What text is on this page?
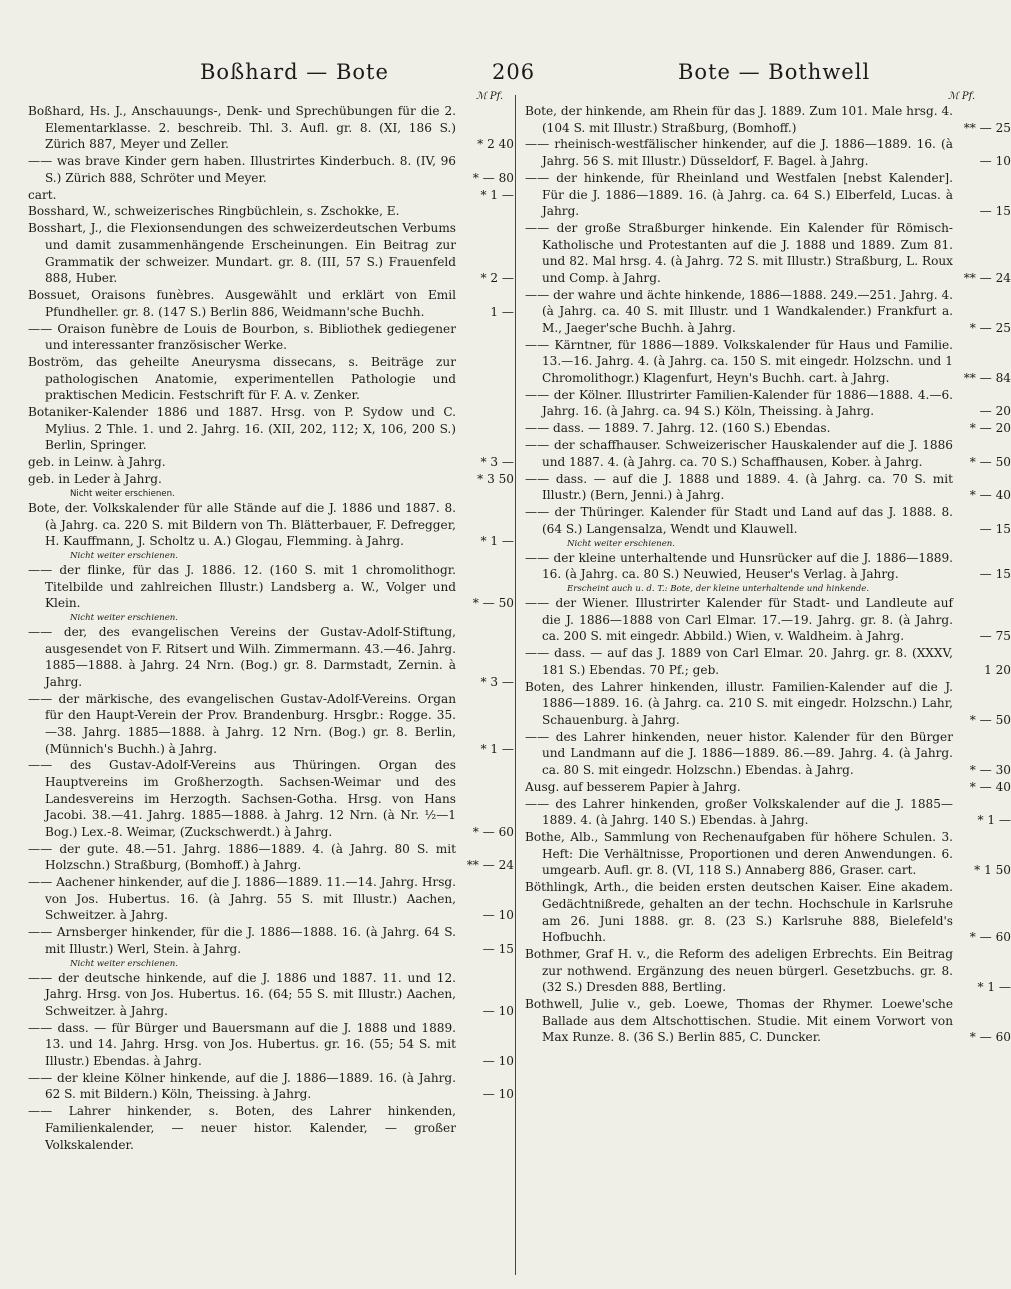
Boßhard — Bote	206	Bote — Bothwell
ℳ Pf.	ℳ Pf.
Boßhard, Hs. J., Anschauungs-, Denk- und Sprechübungen für die 2. Elementarklasse. 2. beschreib. Thl. 3. Aufl. gr. 8. (XI, 186 S.) Zürich 887, Meyer und Zeller.	* 2 40
—— was brave Kinder gern haben. Illustrirtes Kinderbuch. 8. (IV, 96 S.) Zürich 888, Schröter und Meyer.	* — 80
cart.	* 1 —
Bosshard, W., schweizerisches Ringbüchlein, s. Zschokke, E.
Bosshart, J., die Flexionsendungen des schweizerdeutschen Verbums und damit zusammenhängende Erscheinungen. Ein Beitrag zur Grammatik der schweizer. Mundart. gr. 8. (III, 57 S.) Frauenfeld 888, Huber.	* 2 —
Bossuet, Oraisons funèbres. Ausgewählt und erklärt von Emil Pfundheller. gr. 8. (147 S.) Berlin 886, Weidmann'sche Buchh.	1 —
—— Oraison funèbre de Louis de Bourbon, s. Bibliothek gediegener und interessanter französischer Werke.
Boström, das geheilte Aneurysma dissecans, s. Beiträge zur pathologischen Anatomie, experimentellen Pathologie und praktischen Medicin. Festschrift für F. A. v. Zenker.
Botaniker-Kalender 1886 und 1887. Hrsg. von P. Sydow und C. Mylius. 2 Thle. 1. und 2. Jahrg. 16. (XII, 202, 112; X, 106, 200 S.) Berlin, Springer.
geb. in Leinw. à Jahrg.	* 3 —
geb. in Leder à Jahrg.	* 3 50
Nicht weiter erschienen.
Bote, der. Volkskalender für alle Stände auf die J. 1886 und 1887. 8. (à Jahrg. ca. 220 S. mit Bildern von Th. Blätterbauer, F. Defregger, H. Kauffmann, J. Scholtz u. A.) Glogau, Flemming. à Jahrg.	* 1 —
Nicht weiter erschienen.
—— der flinke, für das J. 1886. 12. (160 S. mit 1 chromolithogr. Titelbilde und zahlreichen Illustr.) Landsberg a. W., Volger und Klein.	* — 50
Nicht weiter erschienen.
—— der, des evangelischen Vereins der Gustav-Adolf-Stiftung, ausgesendet von F. Ritsert und Wilh. Zimmermann. 43.—46. Jahrg. 1885—1888. à Jahrg. 24 Nrn. (Bog.) gr. 8. Darmstadt, Zernin. à Jahrg.	* 3 —
—— der märkische, des evangelischen Gustav-Adolf-Vereins. Organ für den Haupt-Verein der Prov. Brandenburg. Hrsgbr.: Rogge. 35.—38. Jahrg. 1885—1888. à Jahrg. 12 Nrn. (Bog.) gr. 8. Berlin, (Münnich's Buchh.) à Jahrg.	* 1 —
—— des Gustav-Adolf-Vereins aus Thüringen. Organ des Hauptvereins im Großherzogth. Sachsen-Weimar und des Landesvereins im Herzogth. Sachsen-Gotha. Hrsg. von Hans Jacobi. 38.—41. Jahrg. 1885—1888. à Jahrg. 12 Nrn. (à Nr. ½—1 Bog.) Lex.-8. Weimar, (Zuckschwerdt.) à Jahrg.	* — 60
—— der gute. 48.—51. Jahrg. 1886—1889. 4. (à Jahrg. 80 S. mit Holzschn.) Straßburg, (Bomhoff.) à Jahrg.	** — 24
—— Aachener hinkender, auf die J. 1886—1889. 11.—14. Jahrg. Hrsg. von Jos. Hubertus. 16. (à Jahrg. 55 S. mit Illustr.) Aachen, Schweitzer. à Jahrg.	— 10
—— Arnsberger hinkender, für die J. 1886—1888. 16. (à Jahrg. 64 S. mit Illustr.) Werl, Stein. à Jahrg.	— 15
Nicht weiter erschienen.
—— der deutsche hinkende, auf die J. 1886 und 1887. 11. und 12. Jahrg. Hrsg. von Jos. Hubertus. 16. (64; 55 S. mit Illustr.) Aachen, Schweitzer. à Jahrg.	— 10
—— dass. — für Bürger und Bauersmann auf die J. 1888 und 1889. 13. und 14. Jahrg. Hrsg. von Jos. Hubertus. gr. 16. (55; 54 S. mit Illustr.) Ebendas. à Jahrg.	— 10
—— der kleine Kölner hinkende, auf die J. 1886—1889. 16. (à Jahrg. 62 S. mit Bildern.) Köln, Theissing. à Jahrg.	— 10
—— Lahrer hinkender, s. Boten, des Lahrer hinkenden, Familienkalender, — neuer histor. Kalender, — großer Volkskalender.
Bote, der hinkende, am Rhein für das J. 1889. Zum 101. Male hrsg. 4. (104 S. mit Illustr.) Straßburg, (Bomhoff.)	** — 25
—— rheinisch-westfälischer hinkender, auf die J. 1886—1889. 16. (à Jahrg. 56 S. mit Illustr.) Düsseldorf, F. Bagel. à Jahrg.	— 10
—— der hinkende, für Rheinland und Westfalen [nebst Kalender]. Für die J. 1886—1889. 16. (à Jahrg. ca. 64 S.) Elberfeld, Lucas. à Jahrg.	— 15
—— der große Straßburger hinkende. Ein Kalender für Römisch-Katholische und Protestanten auf die J. 1888 und 1889. Zum 81. und 82. Mal hrsg. 4. (à Jahrg. 72 S. mit Illustr.) Straßburg, L. Roux und Comp. à Jahrg.	** — 24
—— der wahre und ächte hinkende, 1886—1888. 249.—251. Jahrg. 4. (à Jahrg. ca. 40 S. mit Illustr. und 1 Wandkalender.) Frankfurt a. M., Jaeger'sche Buchh. à Jahrg.	* — 25
—— Kärntner, für 1886—1889. Volkskalender für Haus und Familie. 13.—16. Jahrg. 4. (à Jahrg. ca. 150 S. mit eingedr. Holzschn. und 1 Chromolithogr.) Klagenfurt, Heyn's Buchh. cart. à Jahrg.	** — 84
—— der Kölner. Illustrirter Familien-Kalender für 1886—1888. 4.—6. Jahrg. 16. (à Jahrg. ca. 94 S.) Köln, Theissing. à Jahrg.	— 20
—— dass. — 1889. 7. Jahrg. 12. (160 S.) Ebendas.	* — 20
—— der schaffhauser. Schweizerischer Hauskalender auf die J. 1886 und 1887. 4. (à Jahrg. ca. 70 S.) Schaffhausen, Kober. à Jahrg.	* — 50
—— dass. — auf die J. 1888 und 1889. 4. (à Jahrg. ca. 70 S. mit Illustr.) (Bern, Jenni.) à Jahrg.	* — 40
—— der Thüringer. Kalender für Stadt und Land auf das J. 1888. 8. (64 S.) Langensalza, Wendt und Klauwell.	— 15
Nicht weiter erschienen.
—— der kleine unterhaltende und Hunsrücker auf die J. 1886—1889. 16. (à Jahrg. ca. 80 S.) Neuwied, Heuser's Verlag. à Jahrg.	— 15
Erscheint auch u. d. T.: Bote, der kleine unterhaltende und hinkende.
—— der Wiener. Illustrirter Kalender für Stadt- und Landleute auf die J. 1886—1888 von Carl Elmar. 17.—19. Jahrg. gr. 8. (à Jahrg. ca. 200 S. mit eingedr. Abbild.) Wien, v. Waldheim. à Jahrg.	— 75
—— dass. — auf das J. 1889 von Carl Elmar. 20. Jahrg. gr. 8. (XXXV, 181 S.) Ebendas. 70 Pf.; geb.	1 20
Boten, des Lahrer hinkenden, illustr. Familien-Kalender auf die J. 1886—1889. 16. (à Jahrg. ca. 210 S. mit eingedr. Holzschn.) Lahr, Schauenburg. à Jahrg.	* — 50
—— des Lahrer hinkenden, neuer histor. Kalender für den Bürger und Landmann auf die J. 1886—1889. 86.—89. Jahrg. 4. (à Jahrg. ca. 80 S. mit eingedr. Holzschn.) Ebendas. à Jahrg.	* — 30
Ausg. auf besserem Papier à Jahrg.	* — 40
—— des Lahrer hinkenden, großer Volkskalender auf die J. 1885—1889. 4. (à Jahrg. 140 S.) Ebendas. à Jahrg.	* 1 —
Bothe, Alb., Sammlung von Rechenaufgaben für höhere Schulen. 3. Heft: Die Verhältnisse, Proportionen und deren Anwendungen. 6. umgearb. Aufl. gr. 8. (VI, 118 S.) Annaberg 886, Graser. cart.	* 1 50
Böthlingk, Arth., die beiden ersten deutschen Kaiser. Eine akadem. Gedächtnißrede, gehalten an der techn. Hochschule in Karlsruhe am 26. Juni 1888. gr. 8. (23 S.) Karlsruhe 888, Bielefeld's Hofbuchh.	* — 60
Bothmer, Graf H. v., die Reform des adeligen Erbrechts. Ein Beitrag zur nothwend. Ergänzung des neuen bürgerl. Gesetzbuchs. gr. 8. (32 S.) Dresden 888, Bertling.	* 1 —
Bothwell, Julie v., geb. Loewe, Thomas der Rhymer. Loewe'sche Ballade aus dem Altschottischen. Studie. Mit einem Vorwort von Max Runze. 8. (36 S.) Berlin 885, C. Duncker.	* — 60
